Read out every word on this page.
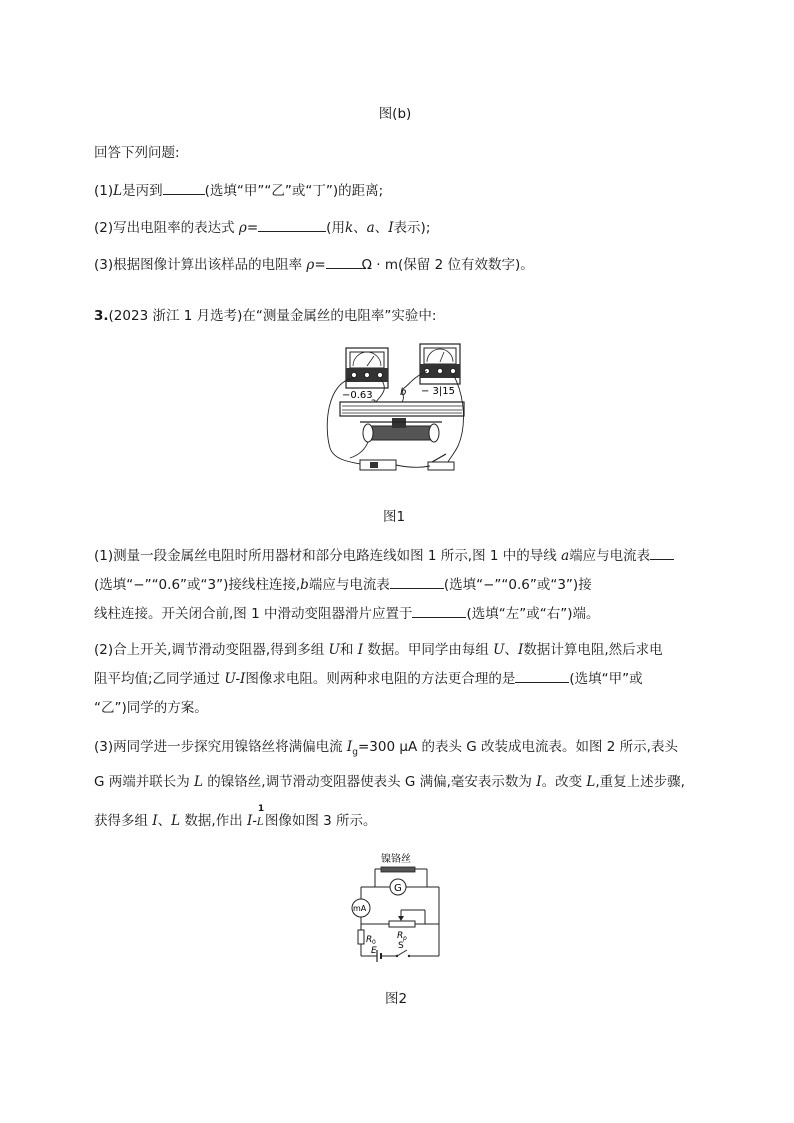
图(b)
回答下列问题:
(1)L是丙到	(选填“甲”“乙”或“丁”)的距离;
(2)写出电阻率的表达式 ρ=	(用k、a、I表示);
(3)根据图像计算出该样品的电阻率 ρ=	Ω · m(保留 2 位有效数字)。
3.(2023 浙江 1 月选考)在“测量金属丝的电阻率”实验中:
−0.63	− 3|15
b
图1
(1)测量一段金属丝电阻时所用器材和部分电路连线如图 1 所示,图 1 中的导线 a端应与电流表
(选填“−”“0.6”或“3”)接线柱连接,b端应与电流表	(选填“−”“0.6”或“3”)接
线柱连接。开关闭合前,图 1 中滑动变阻器滑片应置于	(选填“左”或“右”)端。
(2)合上开关,调节滑动变阻器,得到多组 U和 I 数据。甲同学由每组 U、I数据计算电阻,然后求电
阻平均值;乙同学通过 U-I图像求电阻。则两种求电阻的方法更合理的是	(选填“甲”或
“乙”)同学的方案。
(3)两同学进一步探究用镍铬丝将满偏电流 $I_g=300$ μA 的表头 G 改装成电流表。如图 2 所示,表头
G 两端并联长为 L 的镍铬丝,调节滑动变阻器使表头 G 满偏,毫安表示数为 I。改变 L,重复上述步骤,
获得多组 I、L 数据,作出 I-
1
L图像如图 3 所示。
镍铬丝
G
mA
R p
R 0
E S
图2
